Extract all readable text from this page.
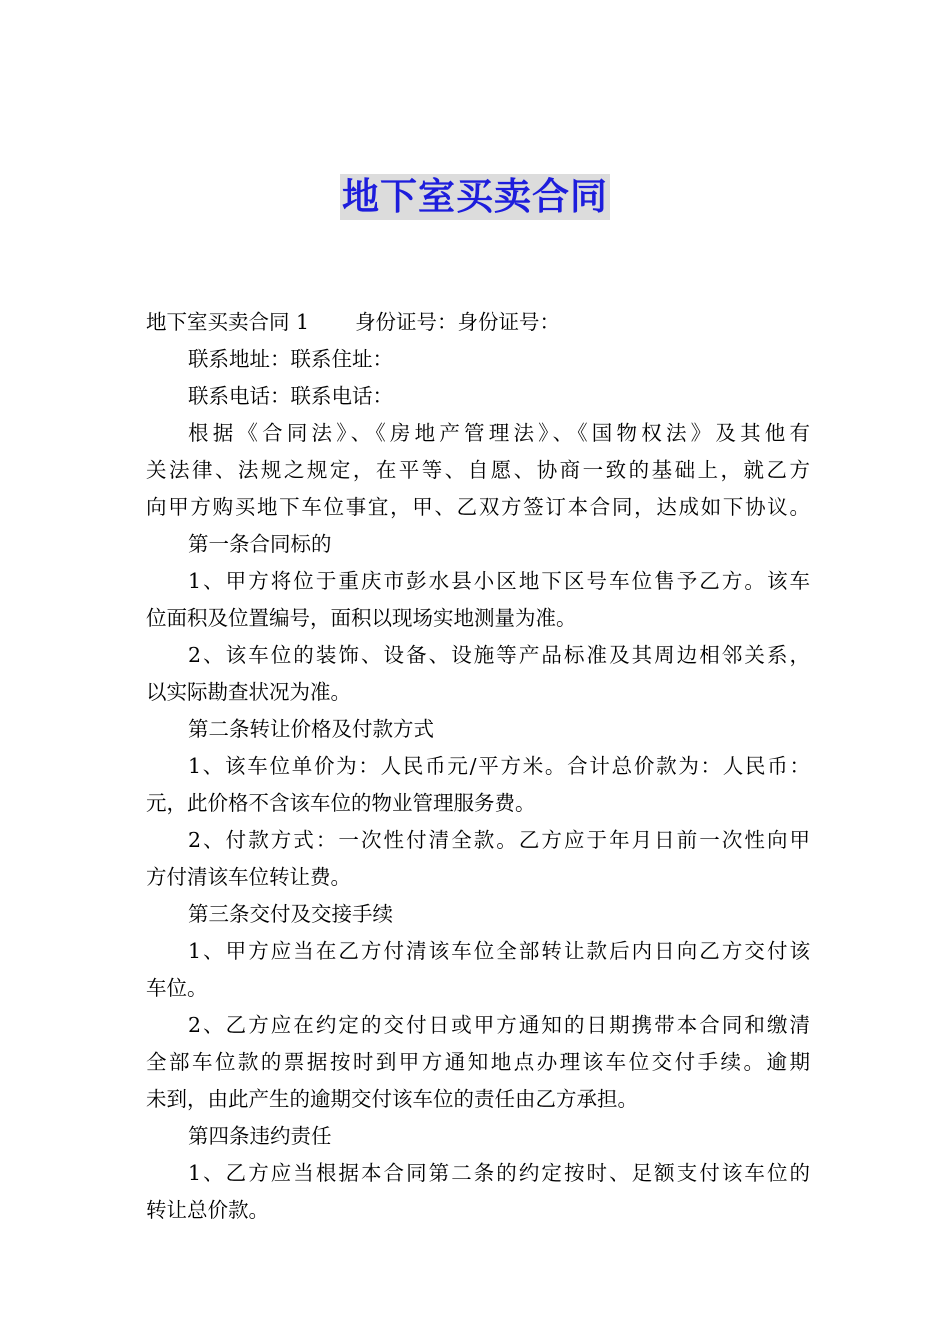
地下室买卖合同
地下室买卖合同 1 身份证号：身份证号：
联系地址：联系住址：
联系电话：联系电话：
根据《合同法》、《房地产管理法》、《国物权法》及其他有
关法律、法规之规定，在平等、自愿、协商一致的基础上，就乙方
向甲方购买地下车位事宜，甲、乙双方签订本合同，达成如下协议。
第一条合同标的
1、甲方将位于重庆市彭水县小区地下区号车位售予乙方。该车
位面积及位置编号，面积以现场实地测量为准。
2、该车位的装饰、设备、设施等产品标准及其周边相邻关系，
以实际勘查状况为准。
第二条转让价格及付款方式
1、该车位单价为：人民币元/平方米。合计总价款为：人民币：
元，此价格不含该车位的物业管理服务费。
2、付款方式：一次性付清全款。乙方应于年月日前一次性向甲
方付清该车位转让费。
第三条交付及交接手续
1、甲方应当在乙方付清该车位全部转让款后内日向乙方交付该
车位。
2、乙方应在约定的交付日或甲方通知的日期携带本合同和缴清
全部车位款的票据按时到甲方通知地点办理该车位交付手续。逾期
未到，由此产生的逾期交付该车位的责任由乙方承担。
第四条违约责任
1、乙方应当根据本合同第二条的约定按时、足额支付该车位的
转让总价款。
